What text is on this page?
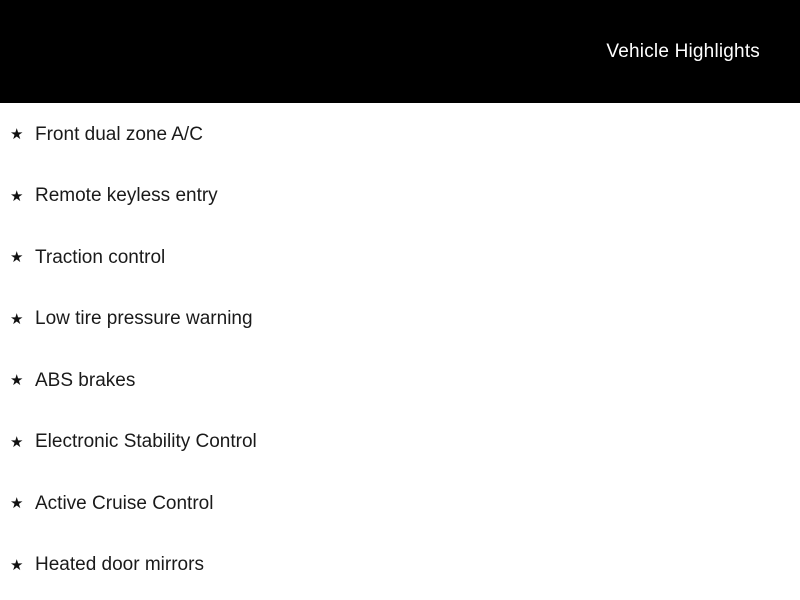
Vehicle Highlights
★ Front dual zone A/C
★ Remote keyless entry
★ Traction control
★ Low tire pressure warning
★ ABS brakes
★ Electronic Stability Control
★ Active Cruise Control
★ Heated door mirrors
